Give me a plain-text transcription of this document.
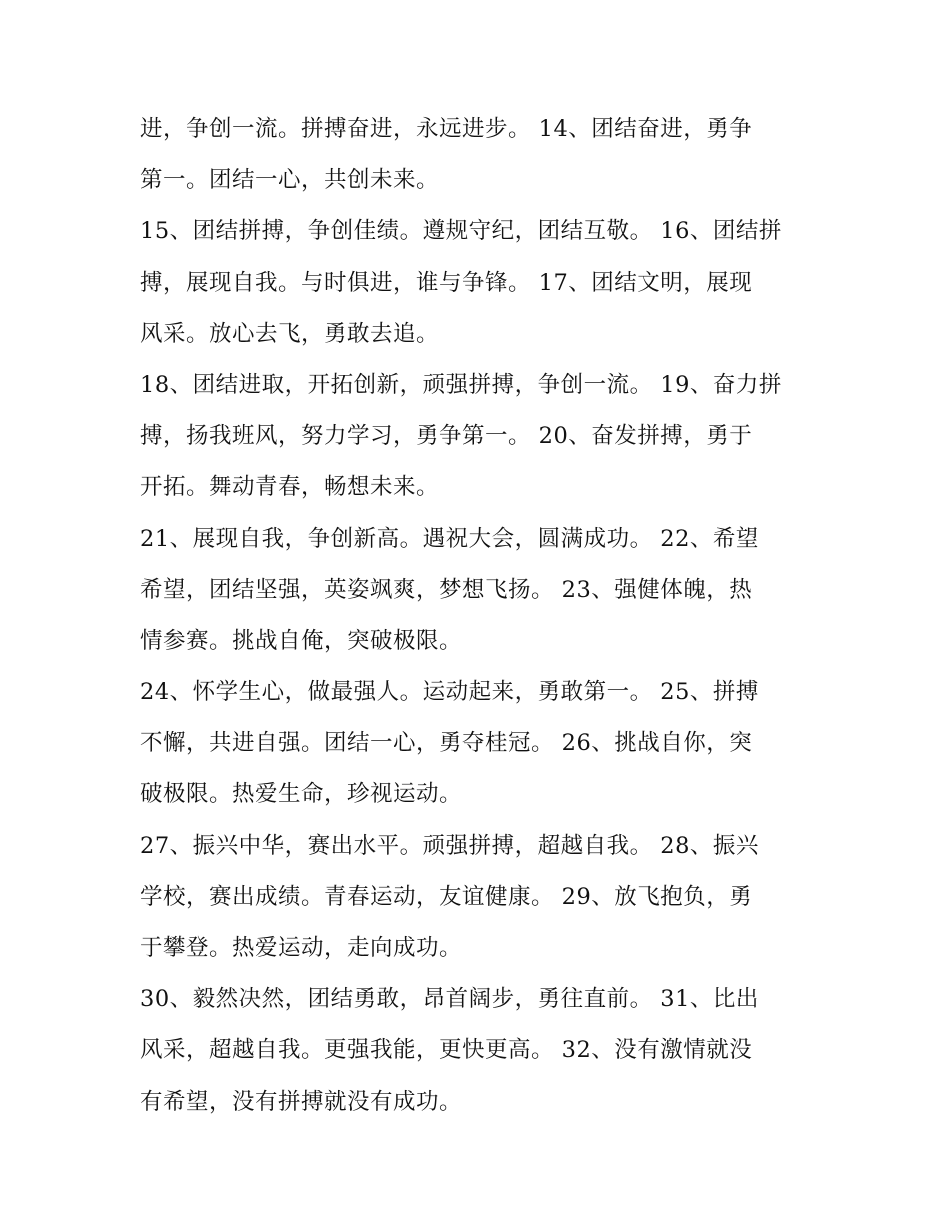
进，争创一流。拼搏奋进，永远进步。 14、团结奋进，勇争
第一。团结一心，共创未来。
15、团结拼搏，争创佳绩。遵规守纪，团结互敬。 16、团结拼
搏，展现自我。与时俱进，谁与争锋。 17、团结文明，展现
风采。放心去飞，勇敢去追。
18、团结进取，开拓创新，顽强拼搏，争创一流。 19、奋力拼
搏，扬我班风，努力学习，勇争第一。 20、奋发拼搏，勇于
开拓。舞动青春，畅想未来。
21、展现自我，争创新高。遇祝大会，圆满成功。 22、希望
希望，团结坚强，英姿飒爽，梦想飞扬。 23、强健体魄，热
情参赛。挑战自俺，突破极限。
24、怀学生心，做最强人。运动起来，勇敢第一。 25、拼搏
不懈，共进自强。团结一心，勇夺桂冠。 26、挑战自你，突
破极限。热爱生命，珍视运动。
27、振兴中华，赛出水平。顽强拼搏，超越自我。 28、振兴
学校，赛出成绩。青春运动，友谊健康。 29、放飞抱负，勇
于攀登。热爱运动，走向成功。
30、毅然决然，团结勇敢，昂首阔步，勇往直前。 31、比出
风采，超越自我。更强我能，更快更高。 32、没有激情就没
有希望，没有拼搏就没有成功。
